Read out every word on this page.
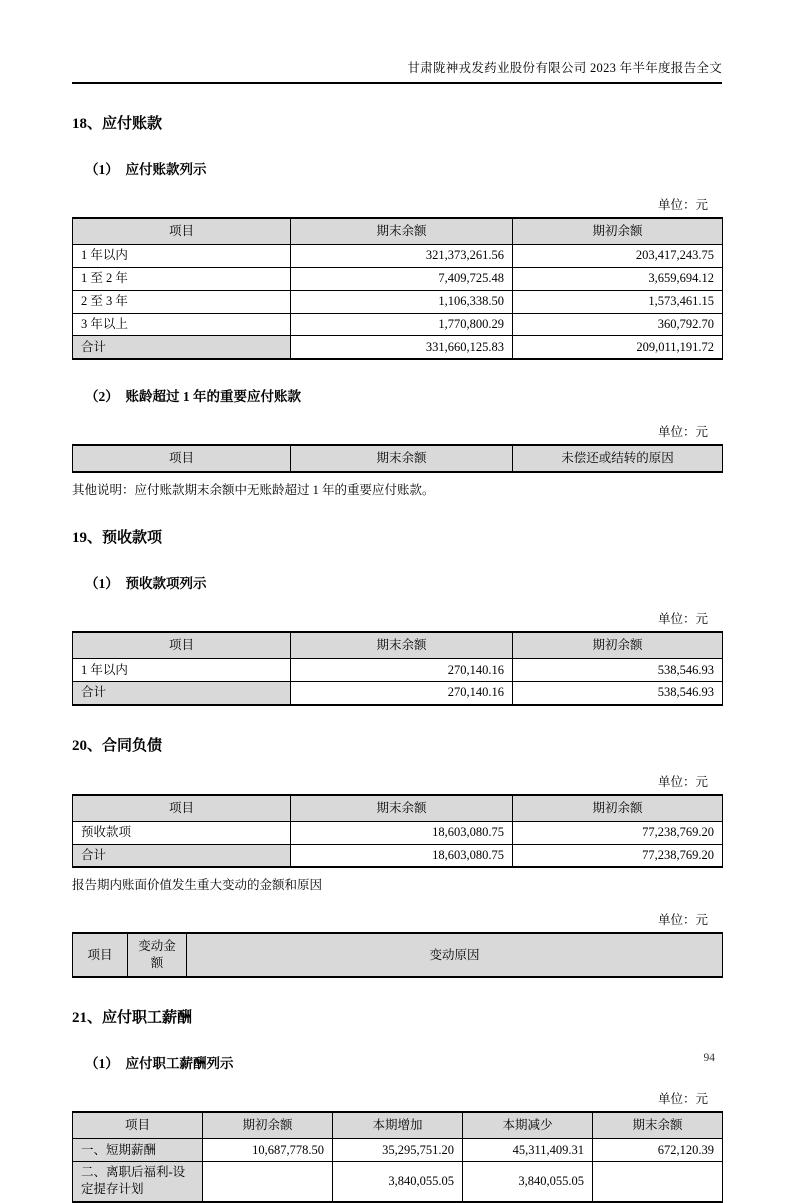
甘肃陇神戎发药业股份有限公司 2023 年半年度报告全文
18、应付账款
（1）　应付账款列示
单位：元
项目	期末余额	期初余额
1 年以内	321,373,261.56	203,417,243.75
1 至 2 年	7,409,725.48	3,659,694.12
2 至 3 年	1,106,338.50	1,573,461.15
3 年以上	1,770,800.29	360,792.70
合计	331,660,125.83	209,011,191.72
（2）　账龄超过 1 年的重要应付账款
单位：元
项目	期末余额	未偿还或结转的原因
其他说明：应付账款期末余额中无账龄超过 1 年的重要应付账款。
19、预收款项
（1）　预收款项列示
单位：元
项目	期末余额	期初余额
1 年以内	270,140.16	538,546.93
合计	270,140.16	538,546.93
20、合同负债
单位：元
项目	期末余额	期初余额
预收款项	18,603,080.75	77,238,769.20
合计	18,603,080.75	77,238,769.20
报告期内账面价值发生重大变动的金额和原因
单位：元
项目	变动金额	变动原因
21、应付职工薪酬
（1）　应付职工薪酬列示
单位：元
项目	期初余额	本期增加	本期减少	期末余额
一、短期薪酬	10,687,778.50	35,295,751.20	45,311,409.31	672,120.39
二、离职后福利-设定提存计划		3,840,055.05	3,840,055.05	
94
